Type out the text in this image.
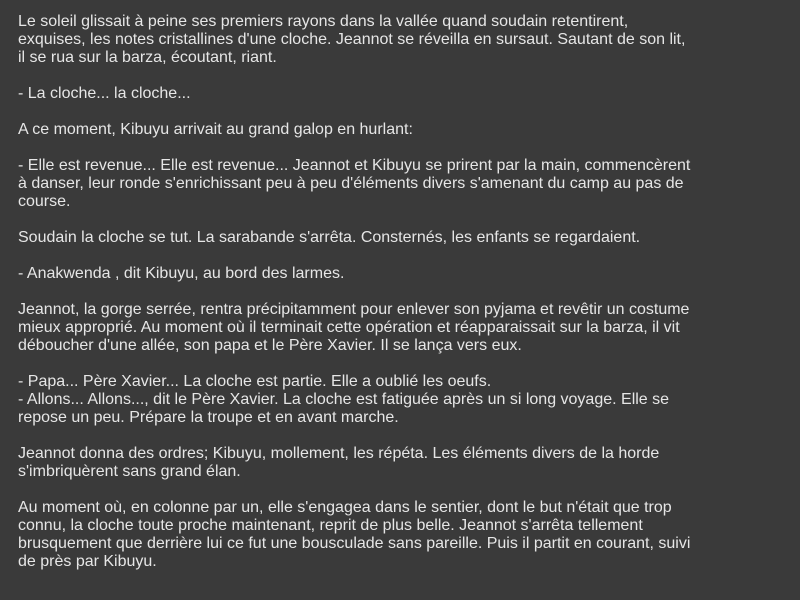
Le soleil glissait à peine ses premiers rayons dans la vallée quand soudain retentirent,
exquises, les notes cristallines d'une cloche. Jeannot se réveilla en sursaut. Sautant de son lit,
il se rua sur la barza, écoutant, riant.

- La cloche... la cloche...

A ce moment, Kibuyu arrivait au grand galop en hurlant:

- Elle est revenue... Elle est revenue... Jeannot et Kibuyu se prirent par la main, commencèrent
à danser, leur ronde s'enrichissant peu à peu d'éléments divers s'amenant du camp au pas de
course.

Soudain la cloche se tut. La sarabande s'arrêta. Consternés, les enfants se regardaient.

- Anakwenda , dit Kibuyu, au bord des larmes.

Jeannot, la gorge serrée, rentra précipitamment pour enlever son pyjama et revêtir un costume
mieux approprié. Au moment où il terminait cette opération et réapparaissait sur la barza, il vit
déboucher d'une allée, son papa et le Père Xavier. Il se lança vers eux.

- Papa... Père Xavier... La cloche est partie. Elle a oublié les oeufs.
- Allons... Allons..., dit le Père Xavier. La cloche est fatiguée après un si long voyage. Elle se
repose un peu. Prépare la troupe et en avant marche.

Jeannot donna des ordres; Kibuyu, mollement, les répéta. Les éléments divers de la horde
s'imbriquèrent sans grand élan.

Au moment où, en colonne par un, elle s'engagea dans le sentier, dont le but n'était que trop
connu, la cloche toute proche maintenant, reprit de plus belle. Jeannot s'arrêta tellement
brusquement que derrière lui ce fut une bousculade sans pareille. Puis il partit en courant, suivi
de près par Kibuyu.
